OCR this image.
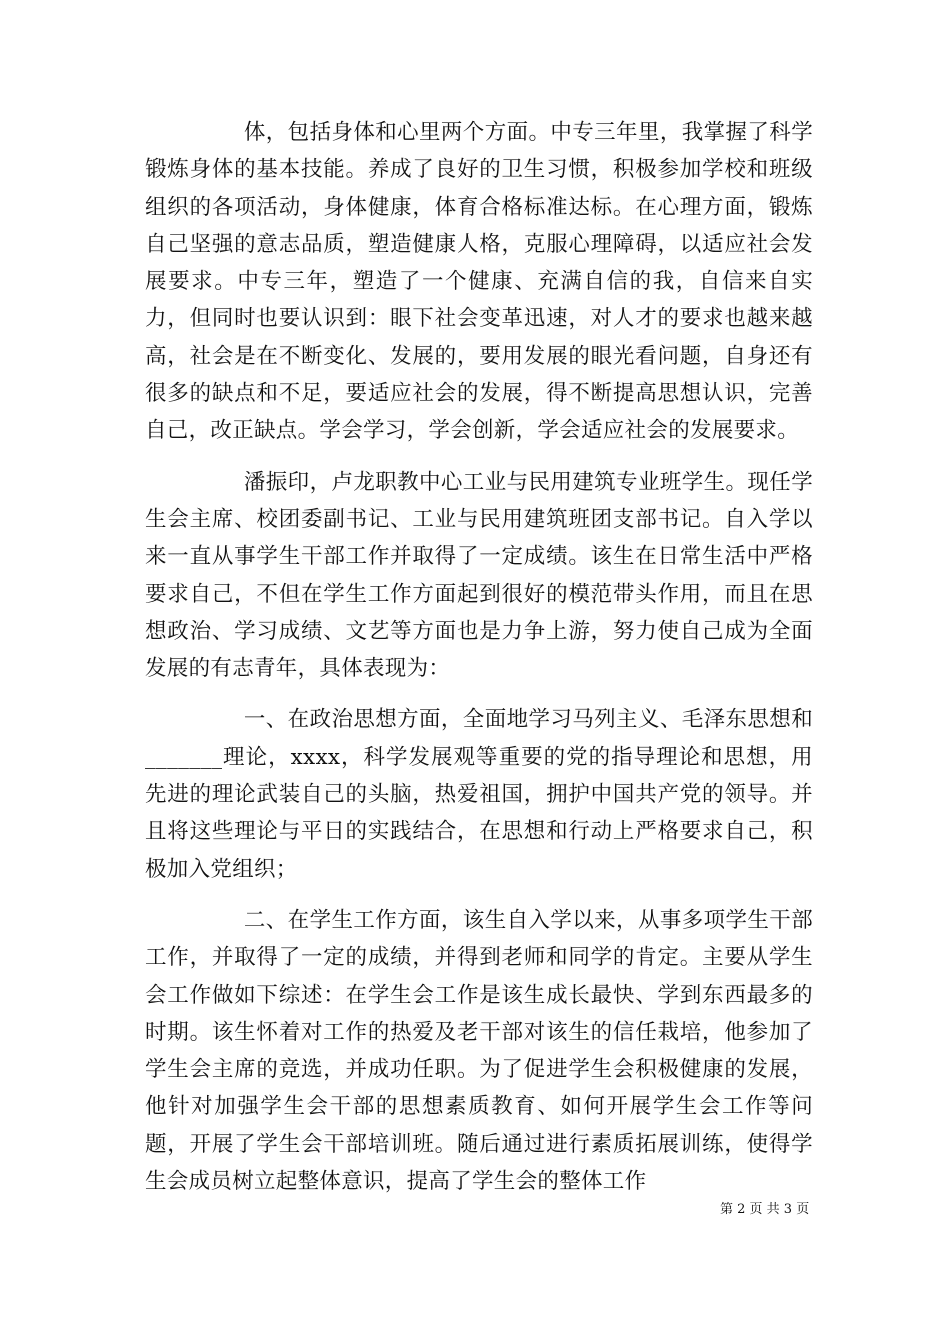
体，包括身体和心里两个方面。中专三年里，我掌握了科学锻炼身体的基本技能。养成了良好的卫生习惯，积极参加学校和班级组织的各项活动，身体健康，体育合格标准达标。在心理方面，锻炼自己坚强的意志品质，塑造健康人格，克服心理障碍，以适应社会发展要求。中专三年，塑造了一个健康、充满自信的我，自信来自实力，但同时也要认识到：眼下社会变革迅速，对人才的要求也越来越高，社会是在不断变化、发展的，要用发展的眼光看问题，自身还有很多的缺点和不足，要适应社会的发展，得不断提高思想认识，完善自己，改正缺点。学会学习，学会创新，学会适应社会的发展要求。

潘振印，卢龙职教中心工业与民用建筑专业班学生。现任学生会主席、校团委副书记、工业与民用建筑班团支部书记。自入学以来一直从事学生干部工作并取得了一定成绩。该生在日常生活中严格要求自己，不但在学生工作方面起到很好的模范带头作用，而且在思想政治、学习成绩、文艺等方面也是力争上游，努力使自己成为全面发展的有志青年，具体表现为：

一、在政治思想方面，全面地学习马列主义、毛泽东思想和_______理论，xxxx，科学发展观等重要的党的指导理论和思想，用先进的理论武装自己的头脑，热爱祖国，拥护中国共产党的领导。并且将这些理论与平日的实践结合，在思想和行动上严格要求自己，积极加入党组织；

二、在学生工作方面，该生自入学以来，从事多项学生干部工作，并取得了一定的成绩，并得到老师和同学的肯定。主要从学生会工作做如下综述：在学生会工作是该生成长最快、学到东西最多的时期。该生怀着对工作的热爱及老干部对该生的信任栽培，他参加了学生会主席的竞选，并成功任职。为了促进学生会积极健康的发展，他针对加强学生会干部的思想素质教育、如何开展学生会工作等问题，开展了学生会干部培训班。随后通过进行素质拓展训练，使得学生会成员树立起整体意识，提高了学生会的整体工作

第 2 页 共 3 页
